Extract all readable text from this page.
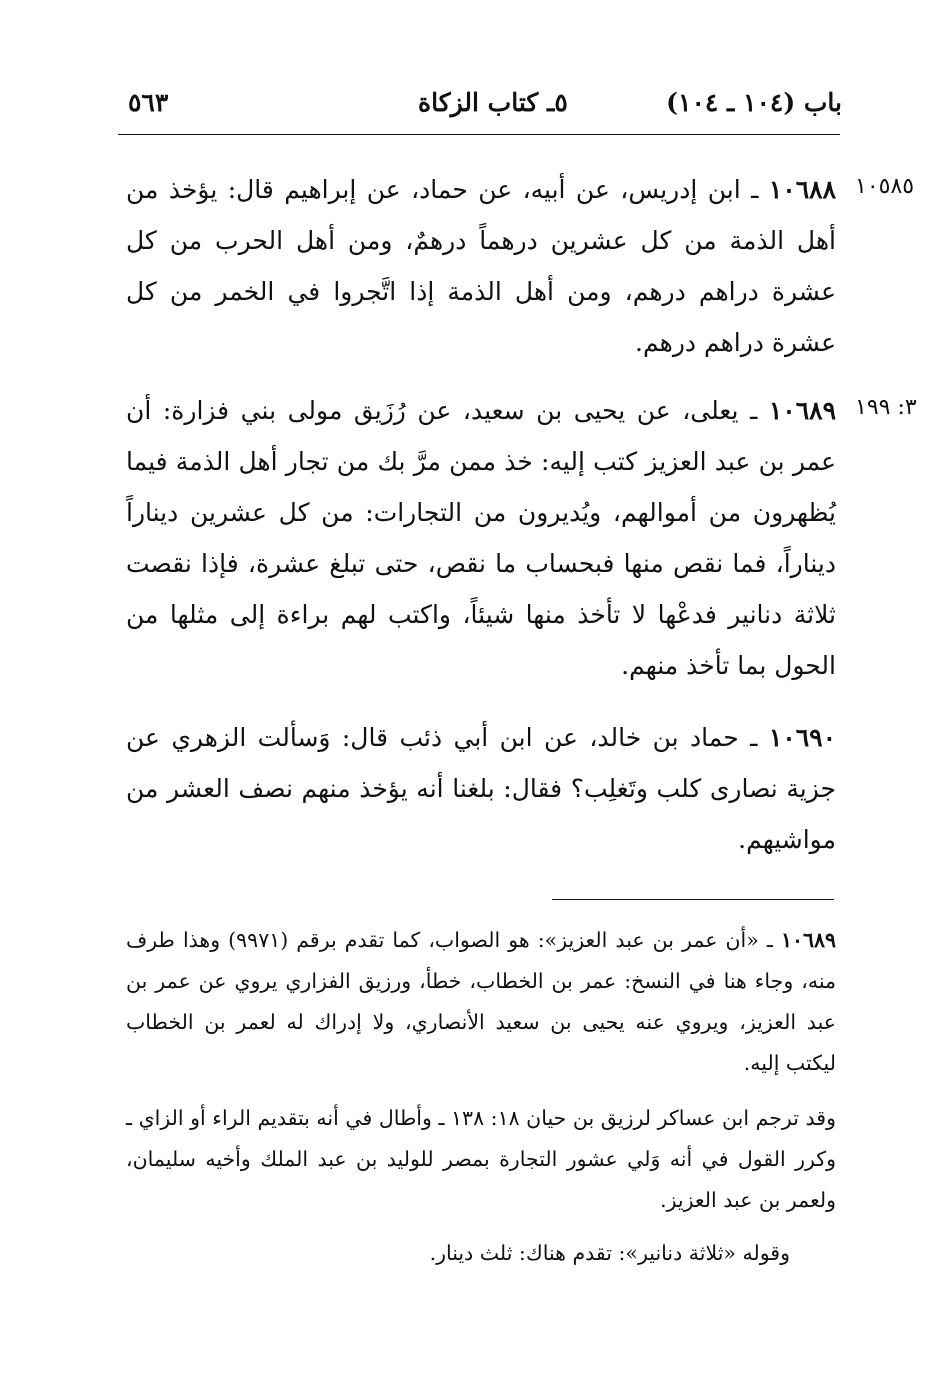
باب (١٠٤ ـ ١٠٤)
٥ـ كتاب الزكاة
٥٦٣
١٠٥٨٥
٣: ١٩٩
١٠٦٨٨ ـ ابن إدريس، عن أبيه، عن حماد، عن إبراهيم قال: يؤخذ من أهل الذمة من كل عشرين درهماً درهمٌ، ومن أهل الحرب من كل عشرة دراهم درهم، ومن أهل الذمة إذا اتَّجروا في الخمر من كل عشرة دراهم درهم.
١٠٦٨٩ ـ يعلى، عن يحيى بن سعيد، عن رُزَيق مولى بني فزارة: أن عمر بن عبد العزيز كتب إليه: خذ ممن مرَّ بك من تجار أهل الذمة فيما يُظهرون من أموالهم، ويُديرون من التجارات: من كل عشرين ديناراً ديناراً، فما نقص منها فبحساب ما نقص، حتى تبلغ عشرة، فإذا نقصت ثلاثة دنانير فدعْها لا تأخذ منها شيئاً، واكتب لهم براءة إلى مثلها من الحول بما تأخذ منهم.
١٠٦٩٠ ـ حماد بن خالد، عن ابن أبي ذئب قال: وَسألت الزهري عن جزية نصارى كلب وتَغلِب؟ فقال: بلغنا أنه يؤخذ منهم نصف العشر من مواشيهم.
١٠٦٨٩ ـ «أن عمر بن عبد العزيز»: هو الصواب، كما تقدم برقم (٩٩٧١) وهذا طرف منه، وجاء هنا في النسخ: عمر بن الخطاب، خطأ، ورزيق الفزاري يروي عن عمر بن عبد العزيز، ويروي عنه يحيى بن سعيد الأنصاري، ولا إدراك له لعمر بن الخطاب ليكتب إليه.
وقد ترجم ابن عساكر لرزيق بن حيان ١٨: ١٣٨ ـ وأطال في أنه بتقديم الراء أو الزاي ـ وكرر القول في أنه وَلي عشور التجارة بمصر للوليد بن عبد الملك وأخيه سليمان، ولعمر بن عبد العزيز.
وقوله «ثلاثة دنانير»: تقدم هناك: ثلث دينار.
